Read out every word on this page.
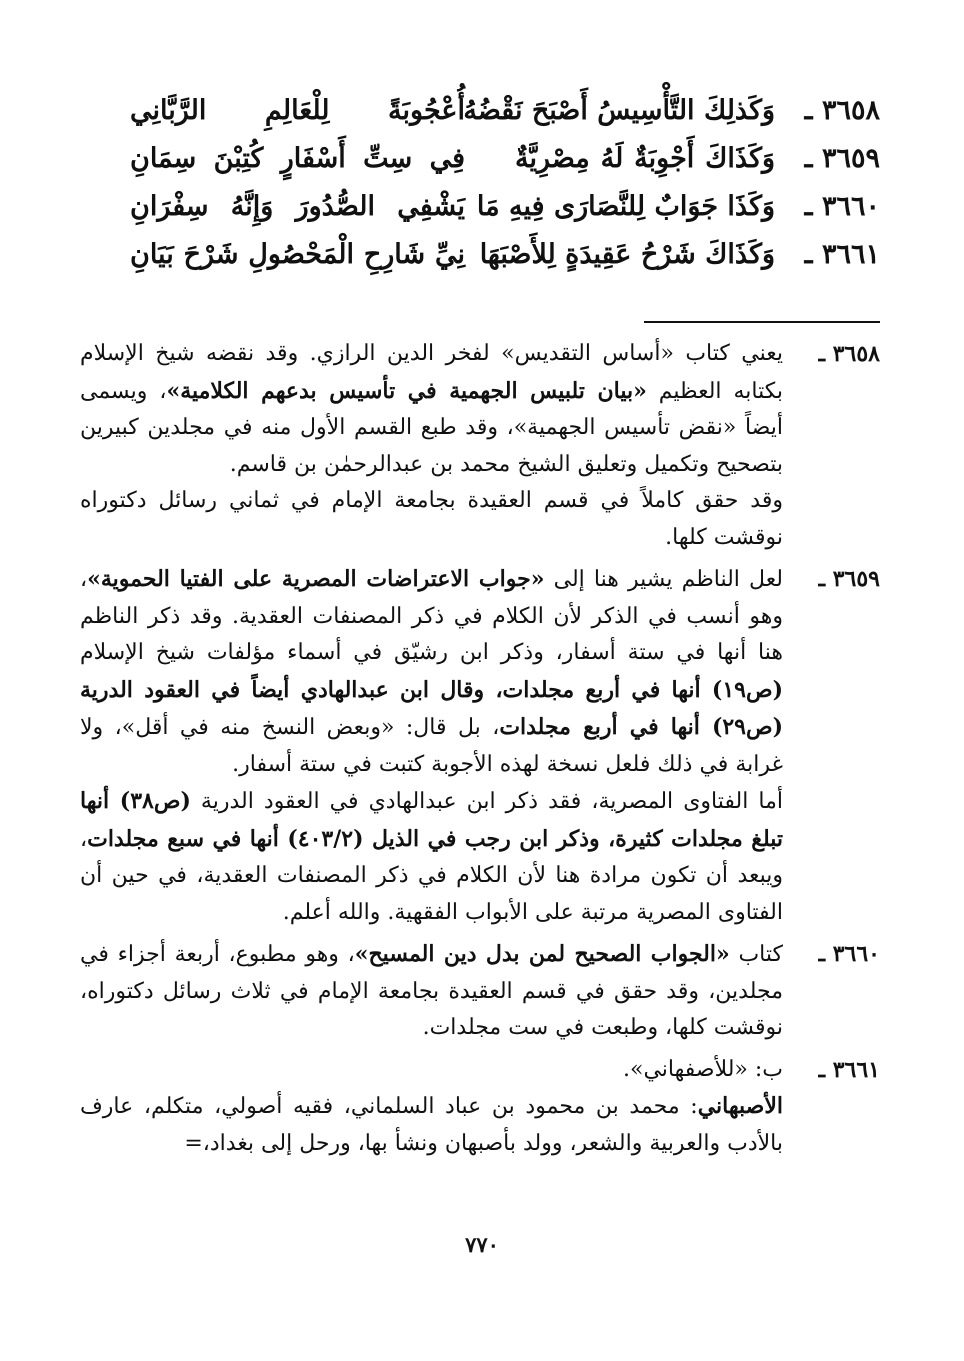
٣٦٥٨ ـ
وَكَذلِكَ التَّأْسِيسُ أَصْبَحَ نَقْضُهُ
أُعْجُوبَةً لِلْعَالِمِ الرَّبَّانِي
٣٦٥٩ ـ
وَكَذَاكَ أَجْوِبَةٌ لَهُ مِصْرِيَّةٌ
فِي سِتِّ أَسْفَارٍ كُتِبْنَ سِمَانِ
٣٦٦٠ ـ
وَكَذَا جَوَابٌ لِلنَّصَارَى فِيهِ مَا
يَشْفِي الصُّدُورَ وَإِنَّهُ سِفْرَانِ
٣٦٦١ ـ
وَكَذَاكَ شَرْحُ عَقِيدَةٍ لِلأَصْبَهَا
نِيِّ شَارِحِ الْمَحْصُولِ شَرْحَ بَيَانِ
٣٦٥٨ ـ
يعني كتاب «أساس التقديس» لفخر الدين الرازي. وقد نقضه شيخ الإسلام بكتابه العظيم «بيان تلبيس الجهمية في تأسيس بدعهم الكلامية»، ويسمى أيضاً «نقض تأسيس الجهمية»، وقد طبع القسم الأول منه في مجلدين كبيرين بتصحيح وتكميل وتعليق الشيخ محمد بن عبدالرحمٰن بن قاسم.
وقد حقق كاملاً في قسم العقيدة بجامعة الإمام في ثماني رسائل دكتوراه نوقشت كلها.
٣٦٥٩ ـ
لعل الناظم يشير هنا إلى «جواب الاعتراضات المصرية على الفتيا الحموية»، وهو أنسب في الذكر لأن الكلام في ذكر المصنفات العقدية. وقد ذكر الناظم هنا أنها في ستة أسفار، وذكر ابن رشيّق في أسماء مؤلفات شيخ الإسلام (ص١٩) أنها في أربع مجلدات، وقال ابن عبدالهادي أيضاً في العقود الدرية (ص٢٩) أنها في أربع مجلدات، بل قال: «وبعض النسخ منه في أقل»، ولا غرابة في ذلك فلعل نسخة لهذه الأجوبة كتبت في ستة أسفار.
أما الفتاوى المصرية، فقد ذكر ابن عبدالهادي في العقود الدرية (ص٣٨) أنها تبلغ مجلدات كثيرة، وذكر ابن رجب في الذيل (٤٠٣/٢) أنها في سبع مجلدات، ويبعد أن تكون مرادة هنا لأن الكلام في ذكر المصنفات العقدية، في حين أن الفتاوى المصرية مرتبة على الأبواب الفقهية. والله أعلم.
٣٦٦٠ ـ
كتاب «الجواب الصحيح لمن بدل دين المسيح»، وهو مطبوع، أربعة أجزاء في مجلدين، وقد حقق في قسم العقيدة بجامعة الإمام في ثلاث رسائل دكتوراه، نوقشت كلها، وطبعت في ست مجلدات.
٣٦٦١ ـ
ب: «للأصفهاني».
الأصبهاني: محمد بن محمود بن عباد السلماني، فقيه أصولي، متكلم، عارف بالأدب والعربية والشعر، وولد بأصبهان ونشأ بها، ورحل إلى بغداد،=
٧٧٠
